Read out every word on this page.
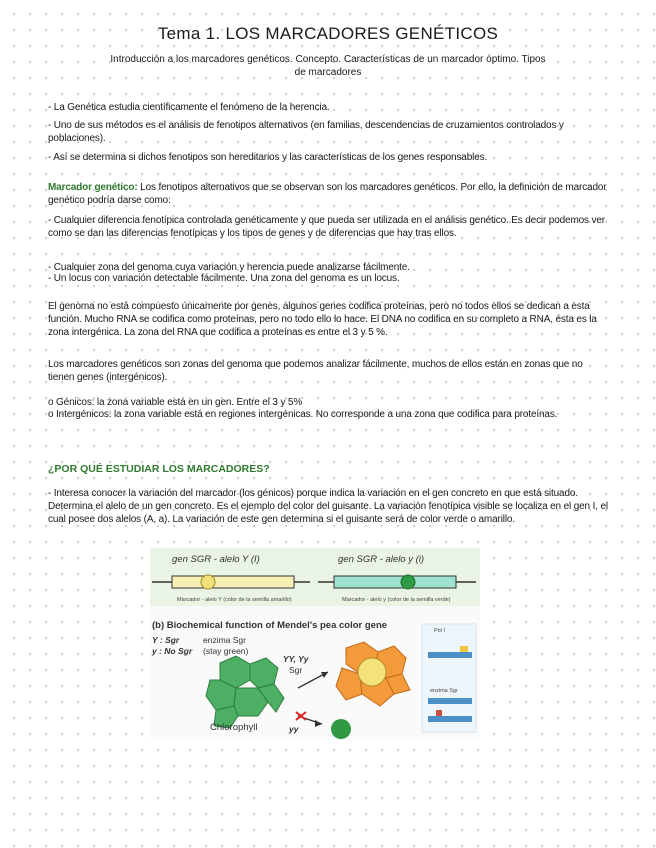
Tema 1. LOS MARCADORES GENÉTICOS
Introducción a los marcadores genéticos. Concepto. Características de un marcador óptimo. Tipos de marcadores
- La Genética estudia científicamente el fenómeno de la herencia.
- Uno de sus métodos es el análisis de fenotipos alternativos (en familias, descendencias de cruzamientos controlados y poblaciones).
- Así se determina si dichos fenotipos son hereditarios y las características de los genes responsables.
Marcador genético: Los fenotipos alternativos que se observan son los marcadores genéticos. Por ello, la definición de marcador genético podría darse como:
- Cualquier diferencia fenotípica controlada genéticamente y que pueda ser utilizada en el análisis genético. Es decir podemos ver como se dan las diferencias fenotípicas y los tipos de genes y de diferencias que hay tras ellos.
- Cualquier zona del genoma cuya variación y herencia puede analizarse fácilmente.
- Un locus con variación detectable fácilmente. Una zona del genoma es un locus.
El genoma no está compuesto únicamente por genes, algunos genes codifica proteínas, pero no todos ellos se dedican a esta función. Mucho RNA se codifica como proteínas, pero no todo ello lo hace. El DNA no codifica en su completo a RNA, ésta es la zona intergénica. La zona del RNA que codifica a proteínas es entre el 3 y 5 %.
Los marcadores genéticos son zonas del genoma que podemos analizar fácilmente, muchos de ellos están en zonas que no tienen genes (intergénicos).
o Génicos: la zona variable está en un gen. Entre el 3 y 5%
o Intergénicos: la zona variable está en regiones intergénicas. No corresponde a una zona que codifica para proteínas.
¿POR QUÉ ESTUDIAR LOS MARCADORES?
- Interesa conocer la variación del marcador (los génicos) porque indica la variación en el gen concreto en que está situado. Determina el alelo de un gen concreto. Es el ejemplo del color del guisante. La variación fenotípica visible se localiza en el gen I, el cual posee dos alelos (A, a). La variación de este gen determina si el guisante será de color verde o amarillo.
gen SGR - alelo Y (I)	gen SGR - alelo y (i)
Marcador - alelo Y (color de la semilla amarillo)	Marcador - alelo y (color de la semilla verde)
(b) Biochemical function of Mendel's pea color gene
Y : Sgr
y : No Sgr
enzima Sgr
(stay green)
YY, Yy
Sgr
yy
Chlorophyll
Pol I
enzima Sgr
